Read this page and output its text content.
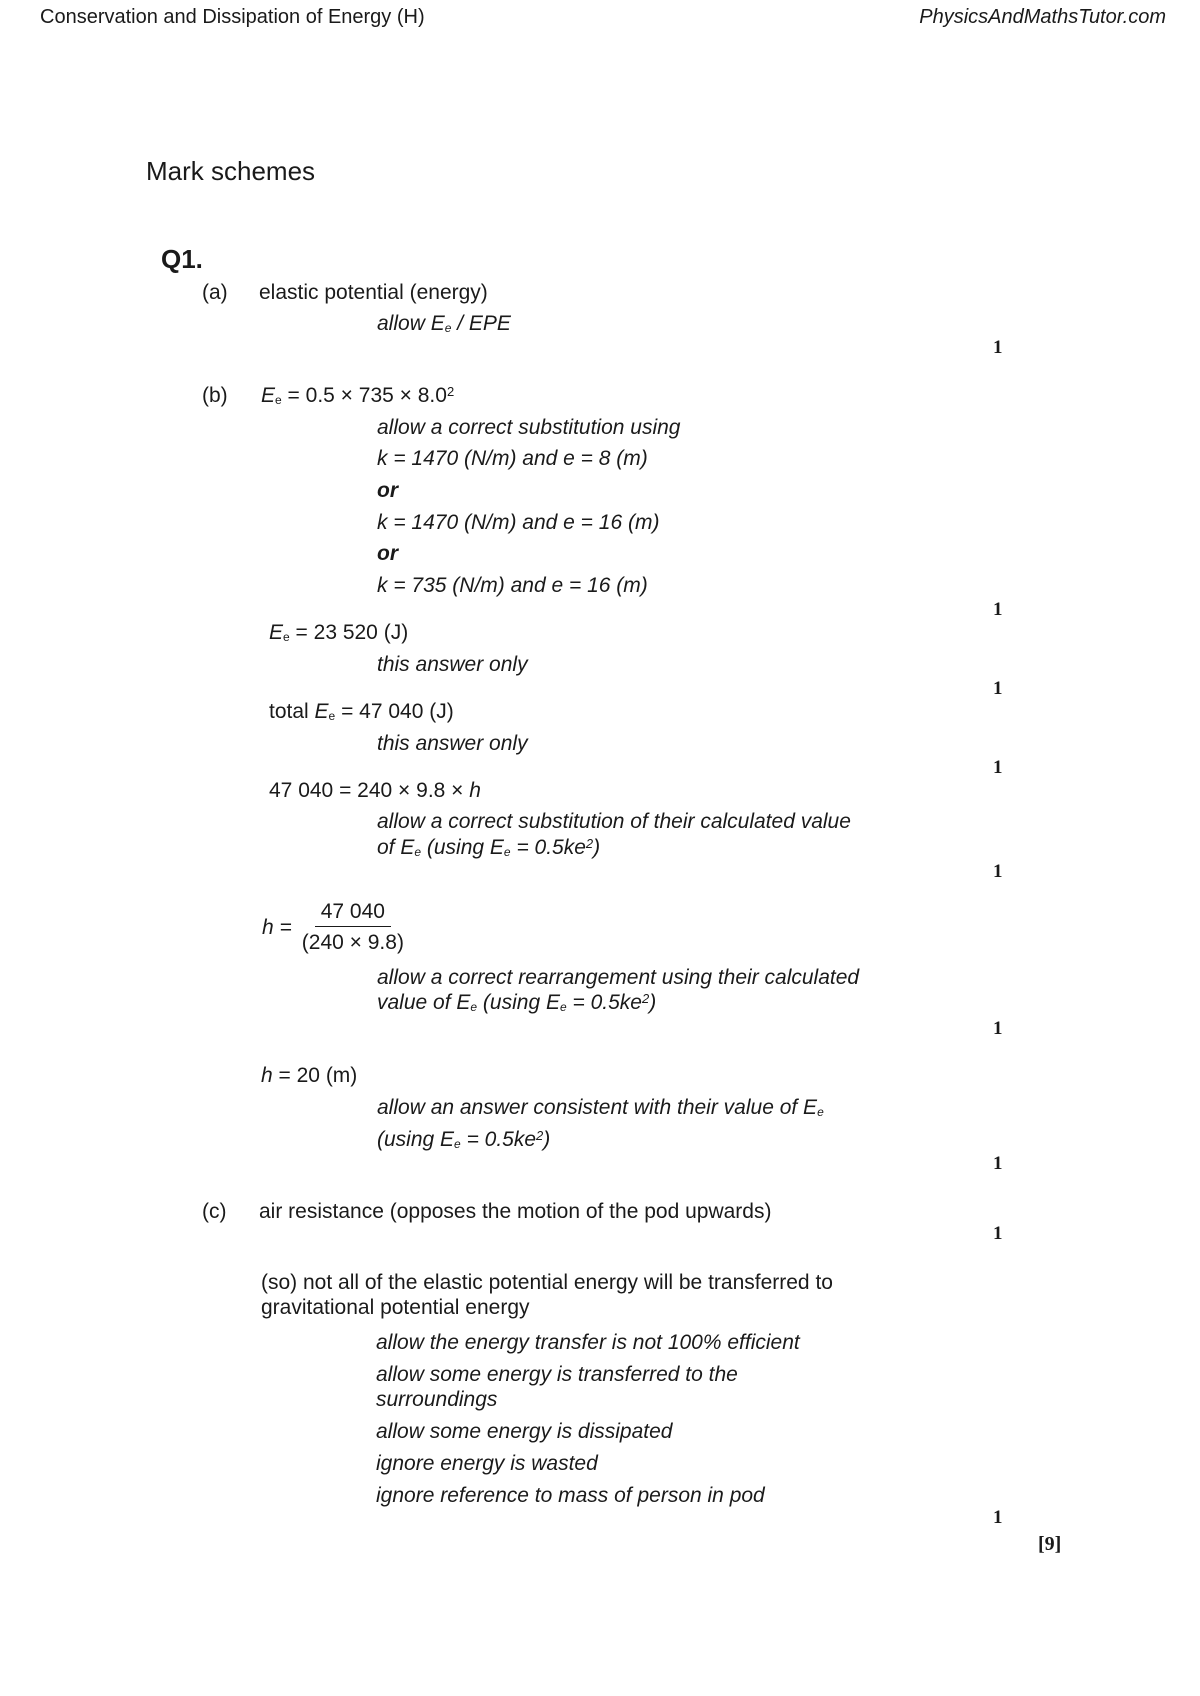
Conservation and Dissipation of Energy (H)	PhysicsAndMathsTutor.com
Mark schemes
Q1.
(a) elastic potential (energy)
allow $E_e$ / EPE
1
(b) $E_e = 0.5 \times 735 \times 8.0^2$
allow a correct substitution using
k = 1470 (N/m) and e = 8 (m)
or
k = 1470 (N/m) and e = 16 (m)
or
k = 735 (N/m) and e = 16 (m)
1
$E_e = 23$ 520 (J)
this answer only
1
total $E_e = 47$ 040 (J)
this answer only
1
47 040 = 240 × 9.8 × h
allow a correct substitution of their calculated value
of $E_e$ (using $E_e = 0.5ke^2$)
1
$h = \frac{47 040}{(240 \times 9.8)}$
allow a correct rearrangement using their calculated
value of $E_e$ (using $E_e = 0.5ke^2$)
1
h = 20 (m)
allow an answer consistent with their value of $E_e$
(using $E_e = 0.5ke^2$)
1
(c) air resistance (opposes the motion of the pod upwards)
1
(so) not all of the elastic potential energy will be transferred to
gravitational potential energy
allow the energy transfer is not 100% efficient
allow some energy is transferred to the
surroundings
allow some energy is dissipated
ignore energy is wasted
ignore reference to mass of person in pod
1
[9]
